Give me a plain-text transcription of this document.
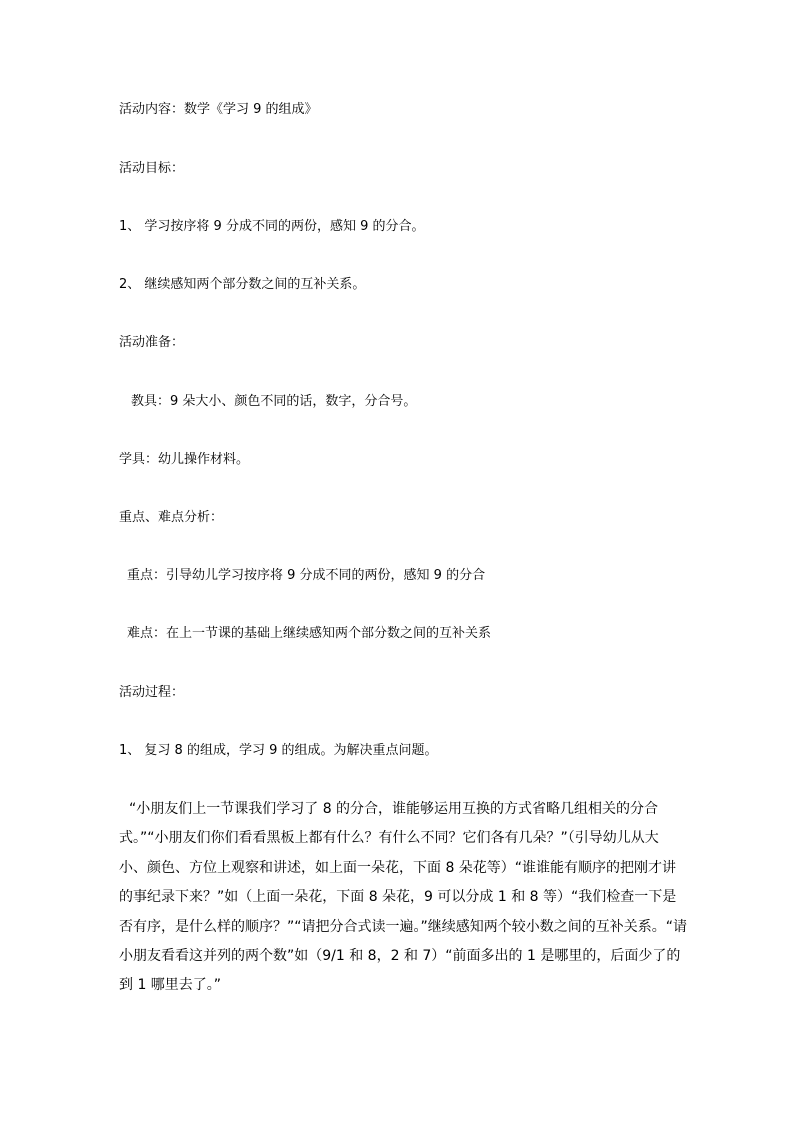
活动内容：数学《学习 9 的组成》
活动目标：
1、 学习按序将 9 分成不同的两份，感知 9 的分合。
2、 继续感知两个部分数之间的互补关系。
活动准备：
教具：9 朵大小、颜色不同的话，数字，分合号。
学具：幼儿操作材料。
重点、难点分析：
重点：引导幼儿学习按序将 9 分成不同的两份，感知 9 的分合
难点：在上一节课的基础上继续感知两个部分数之间的互补关系
活动过程：
1、 复习 8 的组成，学习 9 的组成。为解决重点问题。
“小朋友们上一节课我们学习了 8 的分合，谁能够运用互换的方式省略几组相关的分合
式。”“小朋友们你们看看黑板上都有什么？有什么不同？它们各有几朵？”（引导幼儿从大
小、颜色、方位上观察和讲述，如上面一朵花，下面 8 朵花等）“谁谁能有顺序的把刚才讲
的事纪录下来？”如（上面一朵花，下面 8 朵花，9 可以分成 1 和 8 等）“我们检查一下是
否有序，是什么样的顺序？”“请把分合式读一遍。”继续感知两个较小数之间的互补关系。“请
小朋友看看这并列的两个数”如（9/1 和 8，2 和 7）“前面多出的 1 是哪里的，后面少了的
到 1 哪里去了。”
